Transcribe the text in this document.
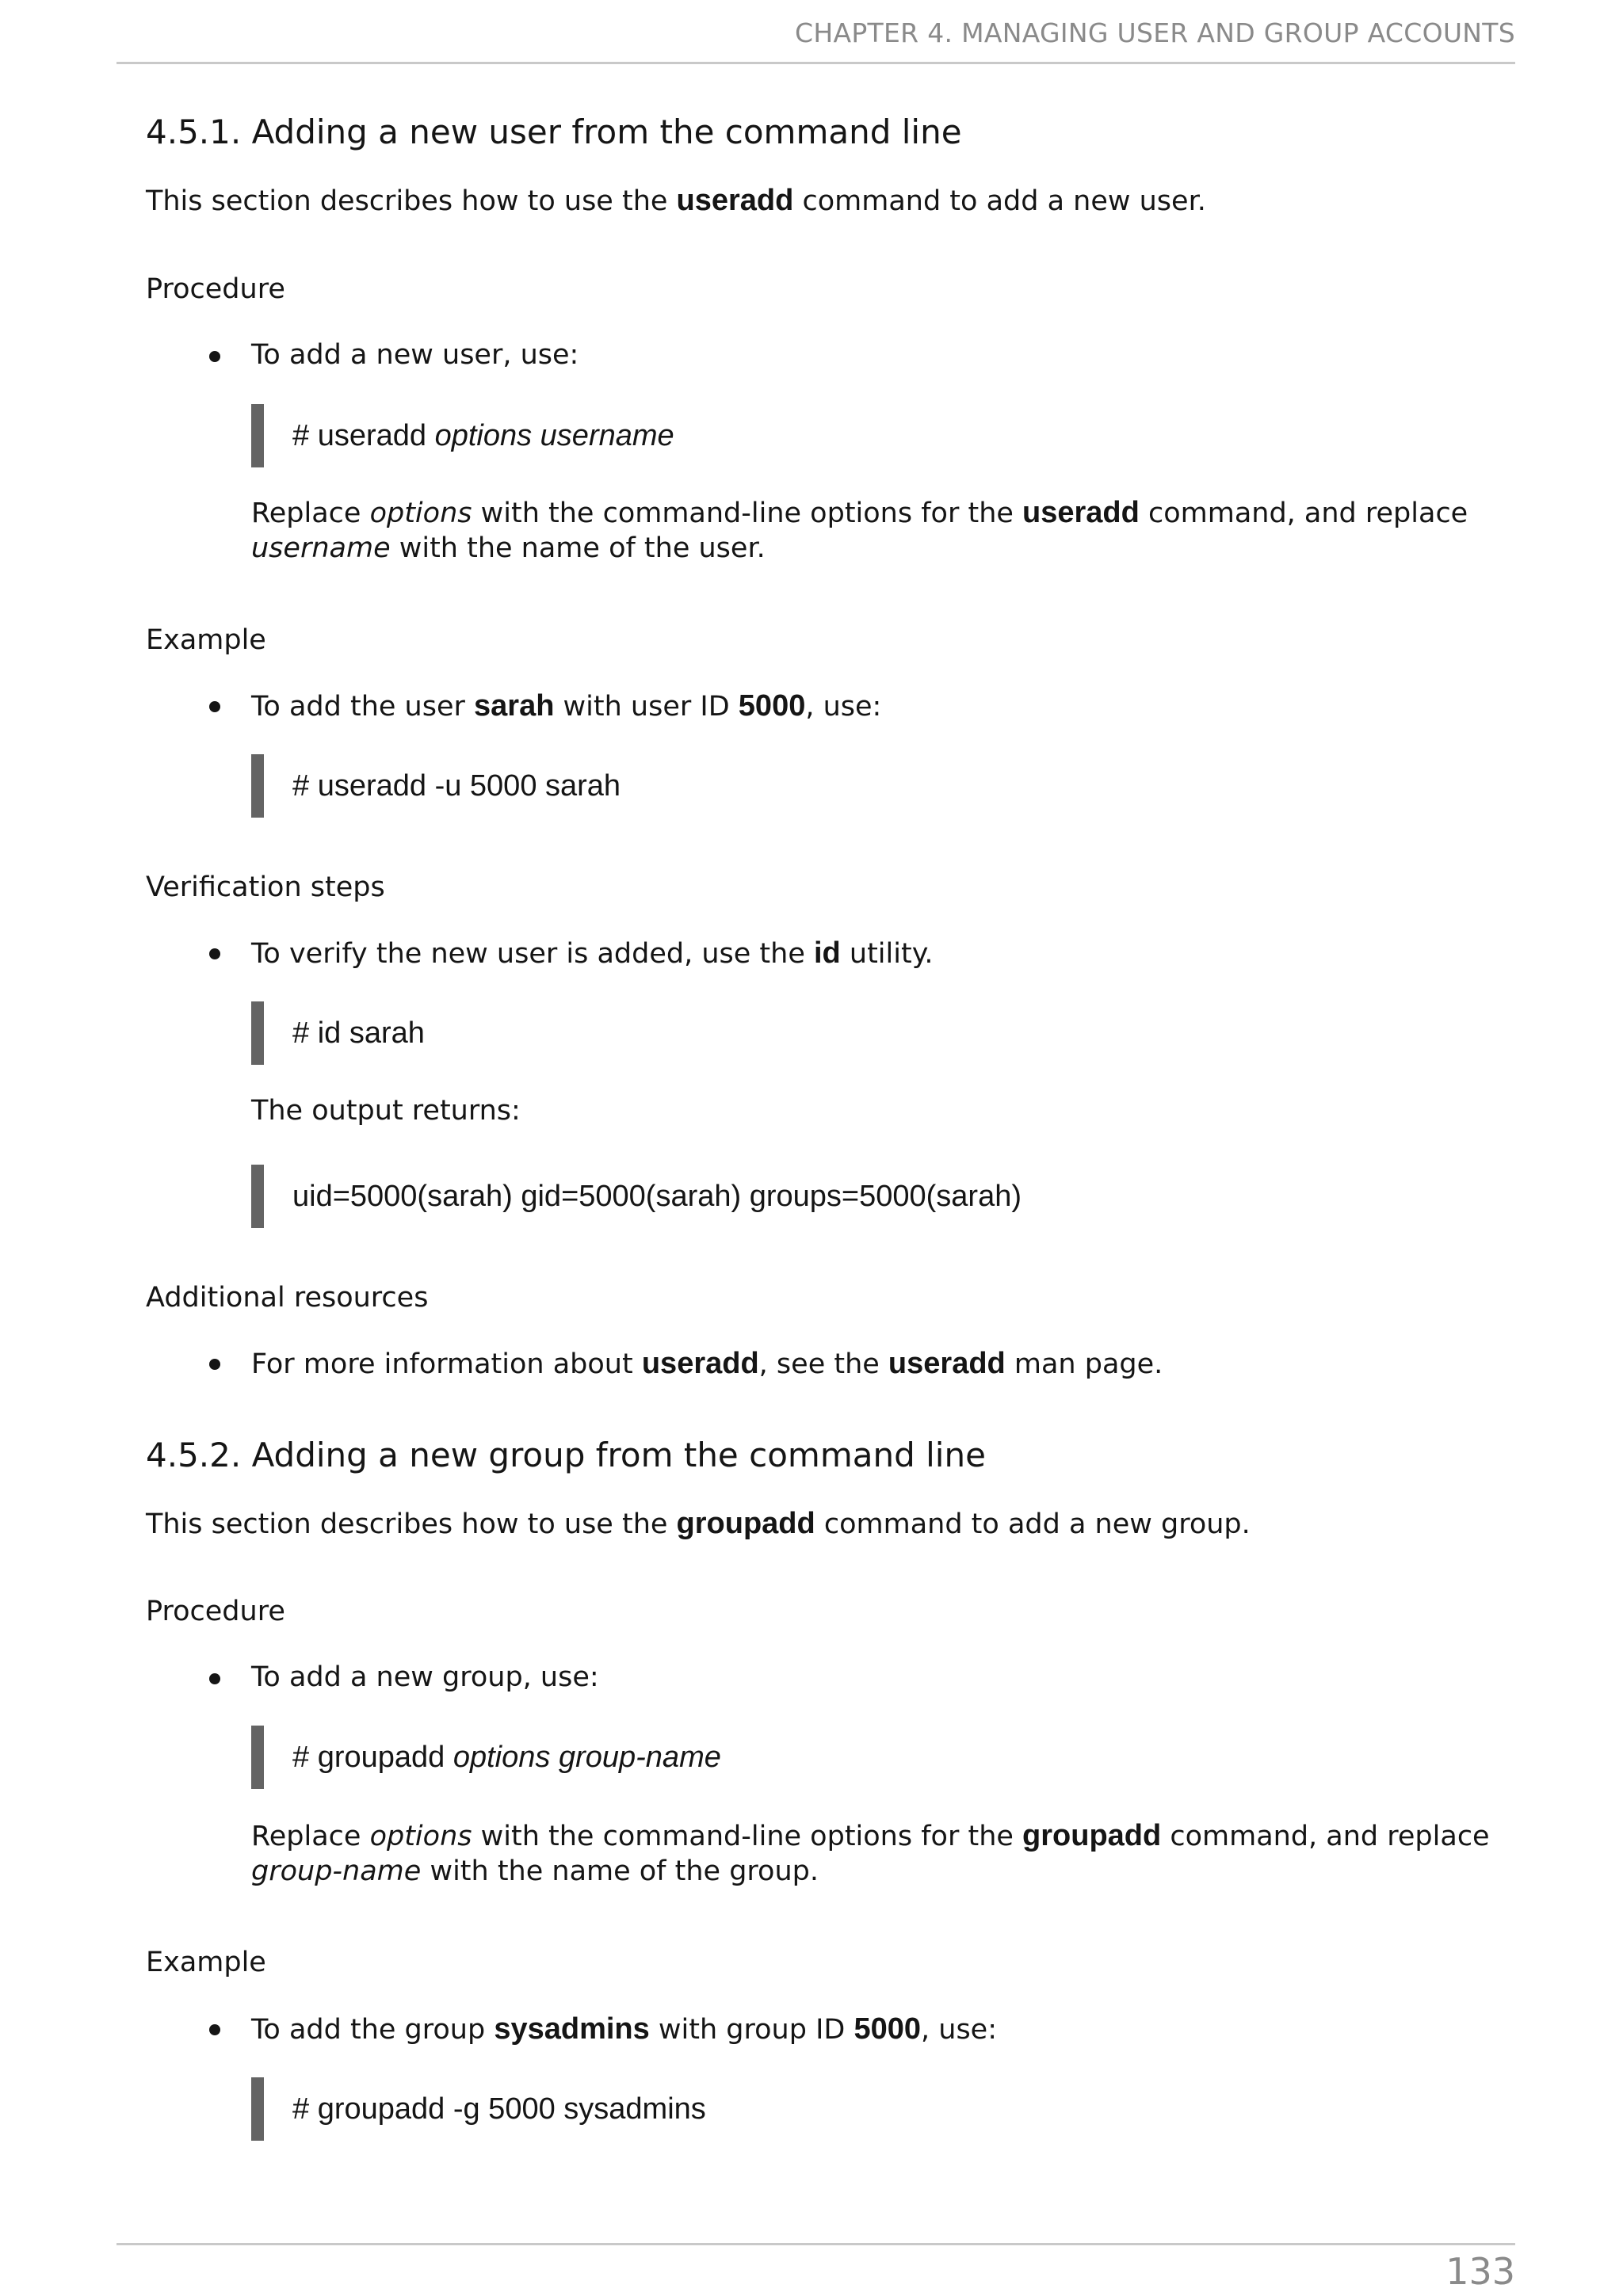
CHAPTER 4. MANAGING USER AND GROUP ACCOUNTS
4.5.1. Adding a new user from the command line
This section describes how to use the useradd command to add a new user.
Procedure
To add a new user, use:
# useradd
options username
Replace options with the command-line options for the useradd command, and replace
username with the name of the user.
Example
To add the user sarah with user ID 5000, use:
# useradd -u 5000 sarah
Verification steps
To verify the new user is added, use the id utility.
# id sarah
The output returns:
uid=5000(sarah) gid=5000(sarah) groups=5000(sarah)
Additional resources
For more information about useradd, see the useradd man page.
4.5.2. Adding a new group from the command line
This section describes how to use the groupadd command to add a new group.
Procedure
To add a new group, use:
# groupadd
options group-name
Replace options with the command-line options for the groupadd command, and replace
group-name with the name of the group.
Example
To add the group sysadmins with group ID 5000, use:
# groupadd -g 5000 sysadmins
133
